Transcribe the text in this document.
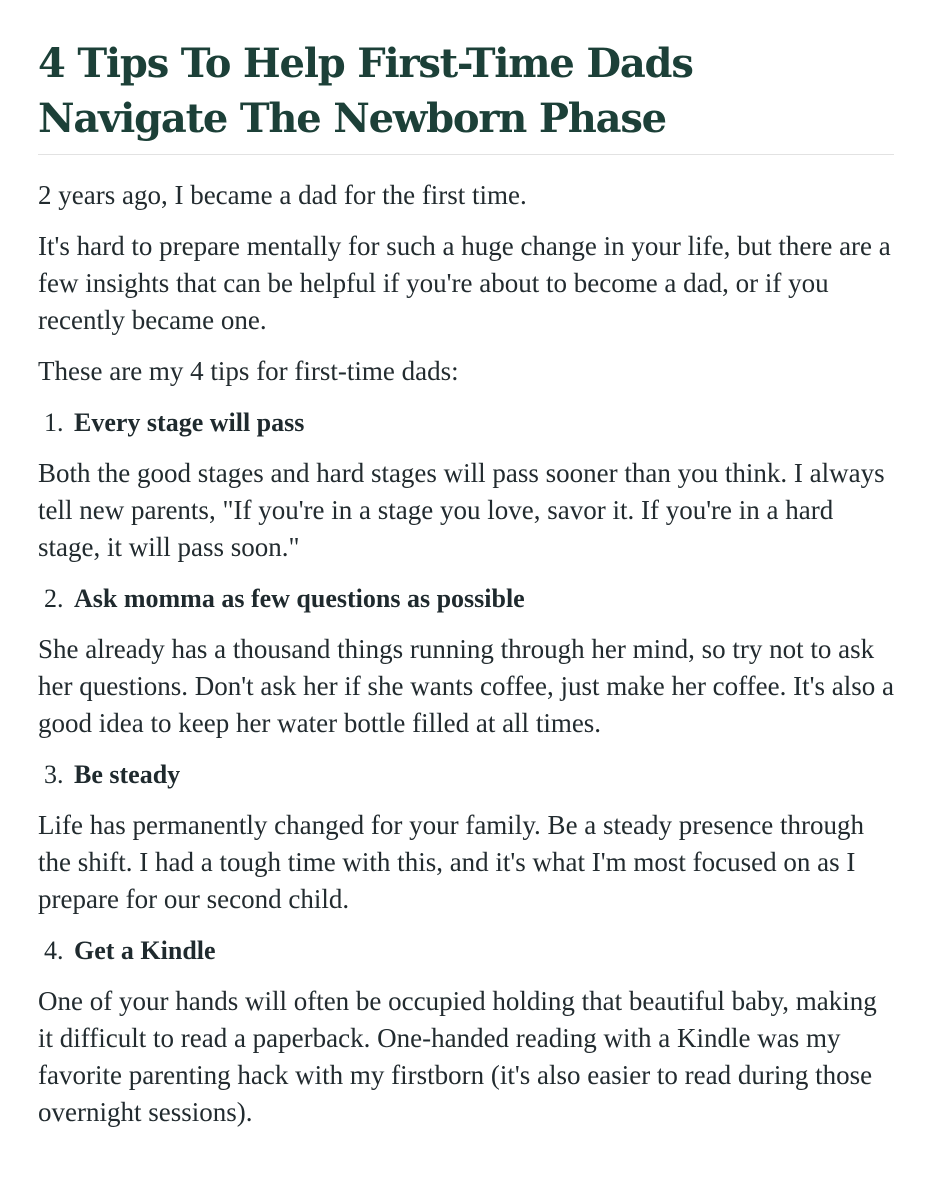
4 Tips To Help First-Time Dads Navigate The Newborn Phase

2 years ago, I became a dad for the first time.

It's hard to prepare mentally for such a huge change in your life, but there are a few insights that can be helpful if you're about to become a dad, or if you recently became one.

These are my 4 tips for first-time dads:

1. Every stage will pass

Both the good stages and hard stages will pass sooner than you think. I always tell new parents, "If you're in a stage you love, savor it. If you're in a hard stage, it will pass soon."

2. Ask momma as few questions as possible

She already has a thousand things running through her mind, so try not to ask her questions. Don't ask her if she wants coffee, just make her coffee. It's also a good idea to keep her water bottle filled at all times.

3. Be steady

Life has permanently changed for your family. Be a steady presence through the shift. I had a tough time with this, and it's what I'm most focused on as I prepare for our second child.

4. Get a Kindle

One of your hands will often be occupied holding that beautiful baby, making it difficult to read a paperback. One-handed reading with a Kindle was my favorite parenting hack with my firstborn (it's also easier to read during those overnight sessions).
